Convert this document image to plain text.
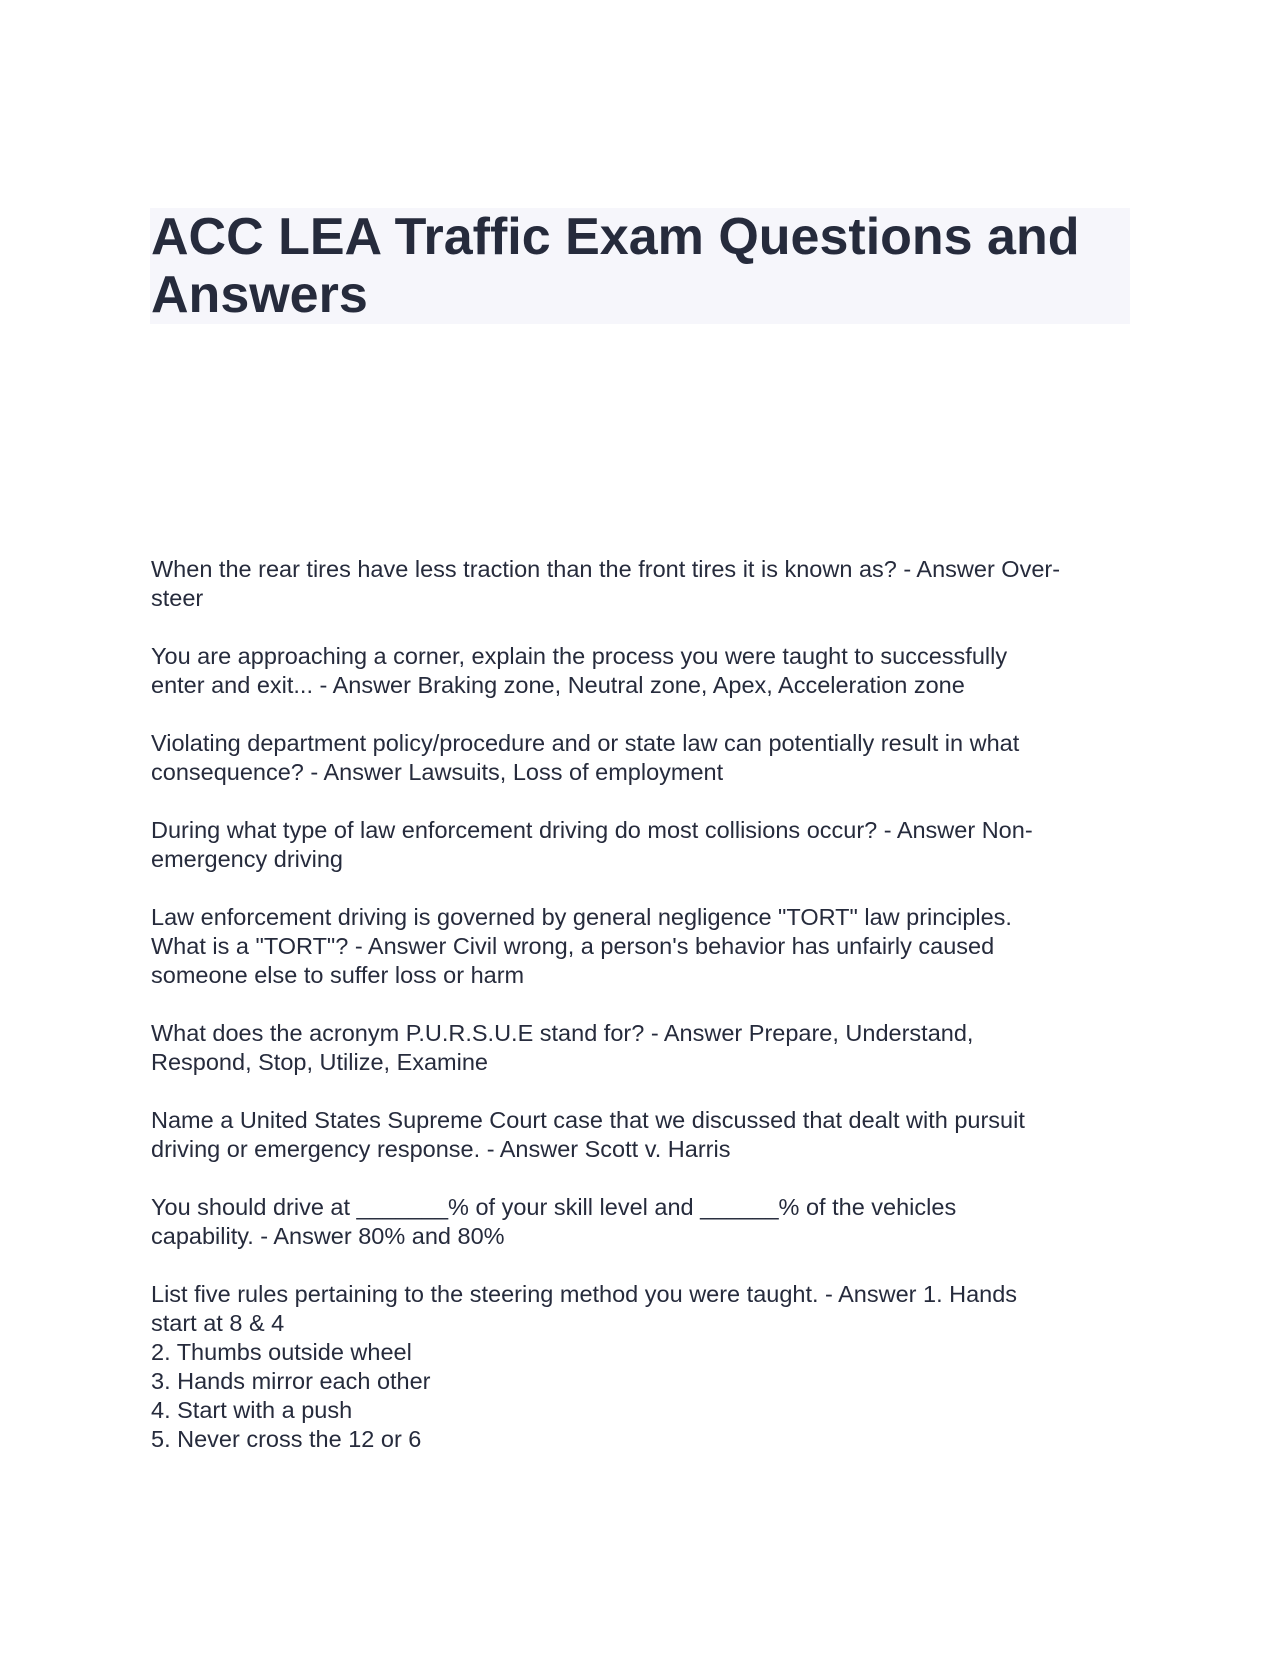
ACC LEA Traffic Exam Questions and Answers

When the rear tires have less traction than the front tires it is known as? - Answer Over-
steer

You are approaching a corner, explain the process you were taught to successfully
enter and exit... - Answer Braking zone, Neutral zone, Apex, Acceleration zone

Violating department policy/procedure and or state law can potentially result in what
consequence? - Answer Lawsuits, Loss of employment

During what type of law enforcement driving do most collisions occur? - Answer Non-
emergency driving

Law enforcement driving is governed by general negligence "TORT" law principles.
What is a "TORT"? - Answer Civil wrong, a person's behavior has unfairly caused
someone else to suffer loss or harm

What does the acronym P.U.R.S.U.E stand for? - Answer Prepare, Understand,
Respond, Stop, Utilize, Examine

Name a United States Supreme Court case that we discussed that dealt with pursuit
driving or emergency response. - Answer Scott v. Harris

You should drive at _______% of your skill level and ______% of the vehicles
capability. - Answer 80% and 80%

List five rules pertaining to the steering method you were taught. - Answer 1. Hands
start at 8 & 4
2. Thumbs outside wheel
3. Hands mirror each other
4. Start with a push
5. Never cross the 12 or 6
